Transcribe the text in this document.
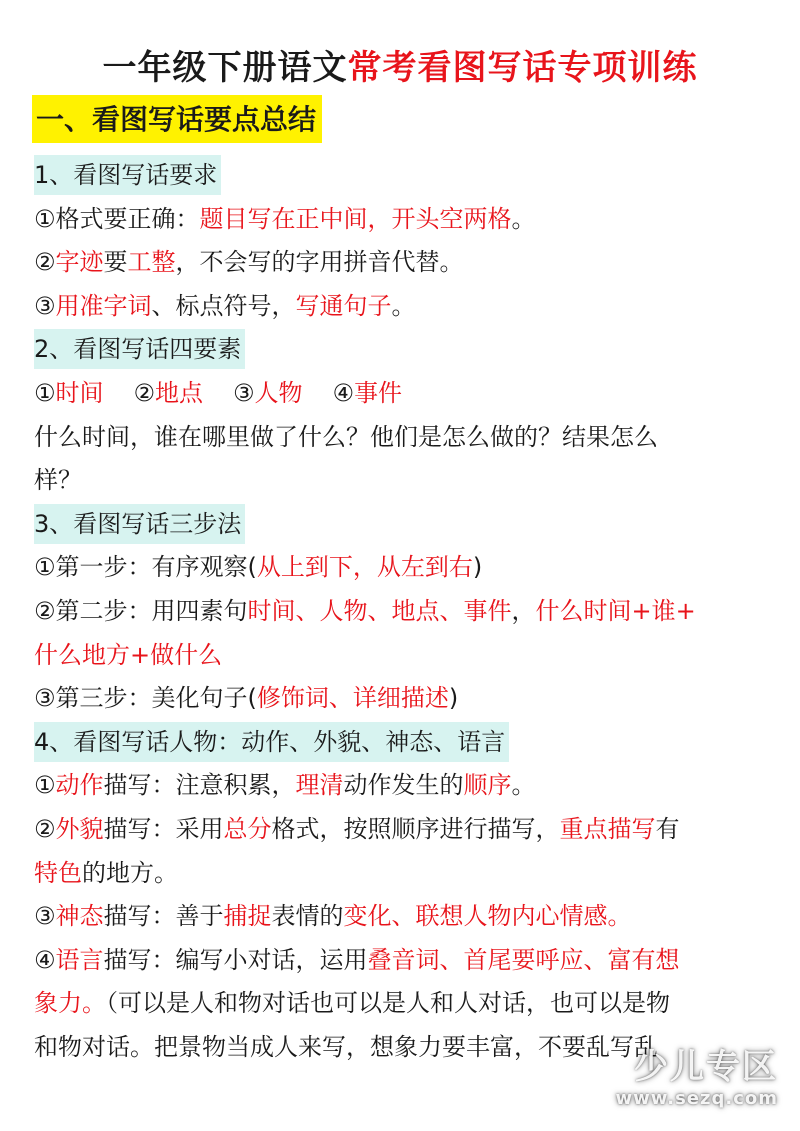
一年级下册语文常考看图写话专项训练
一、看图写话要点总结
1、看图写话要求
①格式要正确：题目写在正中间，开头空两格。
②字迹要工整，不会写的字用拼音代替。
③用准字词、标点符号，写通句子。
2、看图写话四要素
①时间 ②地点 ③人物 ④事件
什么时间，谁在哪里做了什么？他们是怎么做的？结果怎么
样？
3、看图写话三步法
①第一步：有序观察(从上到下，从左到右)
②第二步：用四素句时间、人物、地点、事件，什么时间+谁+
什么地方+做什么
③第三步：美化句子(修饰词、详细描述)
4、看图写话人物：动作、外貌、神态、语言
①动作描写：注意积累，理清动作发生的顺序。
②外貌描写：采用总分格式，按照顺序进行描写，重点描写有
特色的地方。
③神态描写：善于捕捉表情的变化、联想人物内心情感。
④语言描写：编写小对话，运用叠音词、首尾要呼应、富有想
象力。（可以是人和物对话也可以是人和人对话，也可以是物
和物对话。把景物当成人来写，想象力要丰富，不要乱写乱
少儿专区
www.sezq.com
